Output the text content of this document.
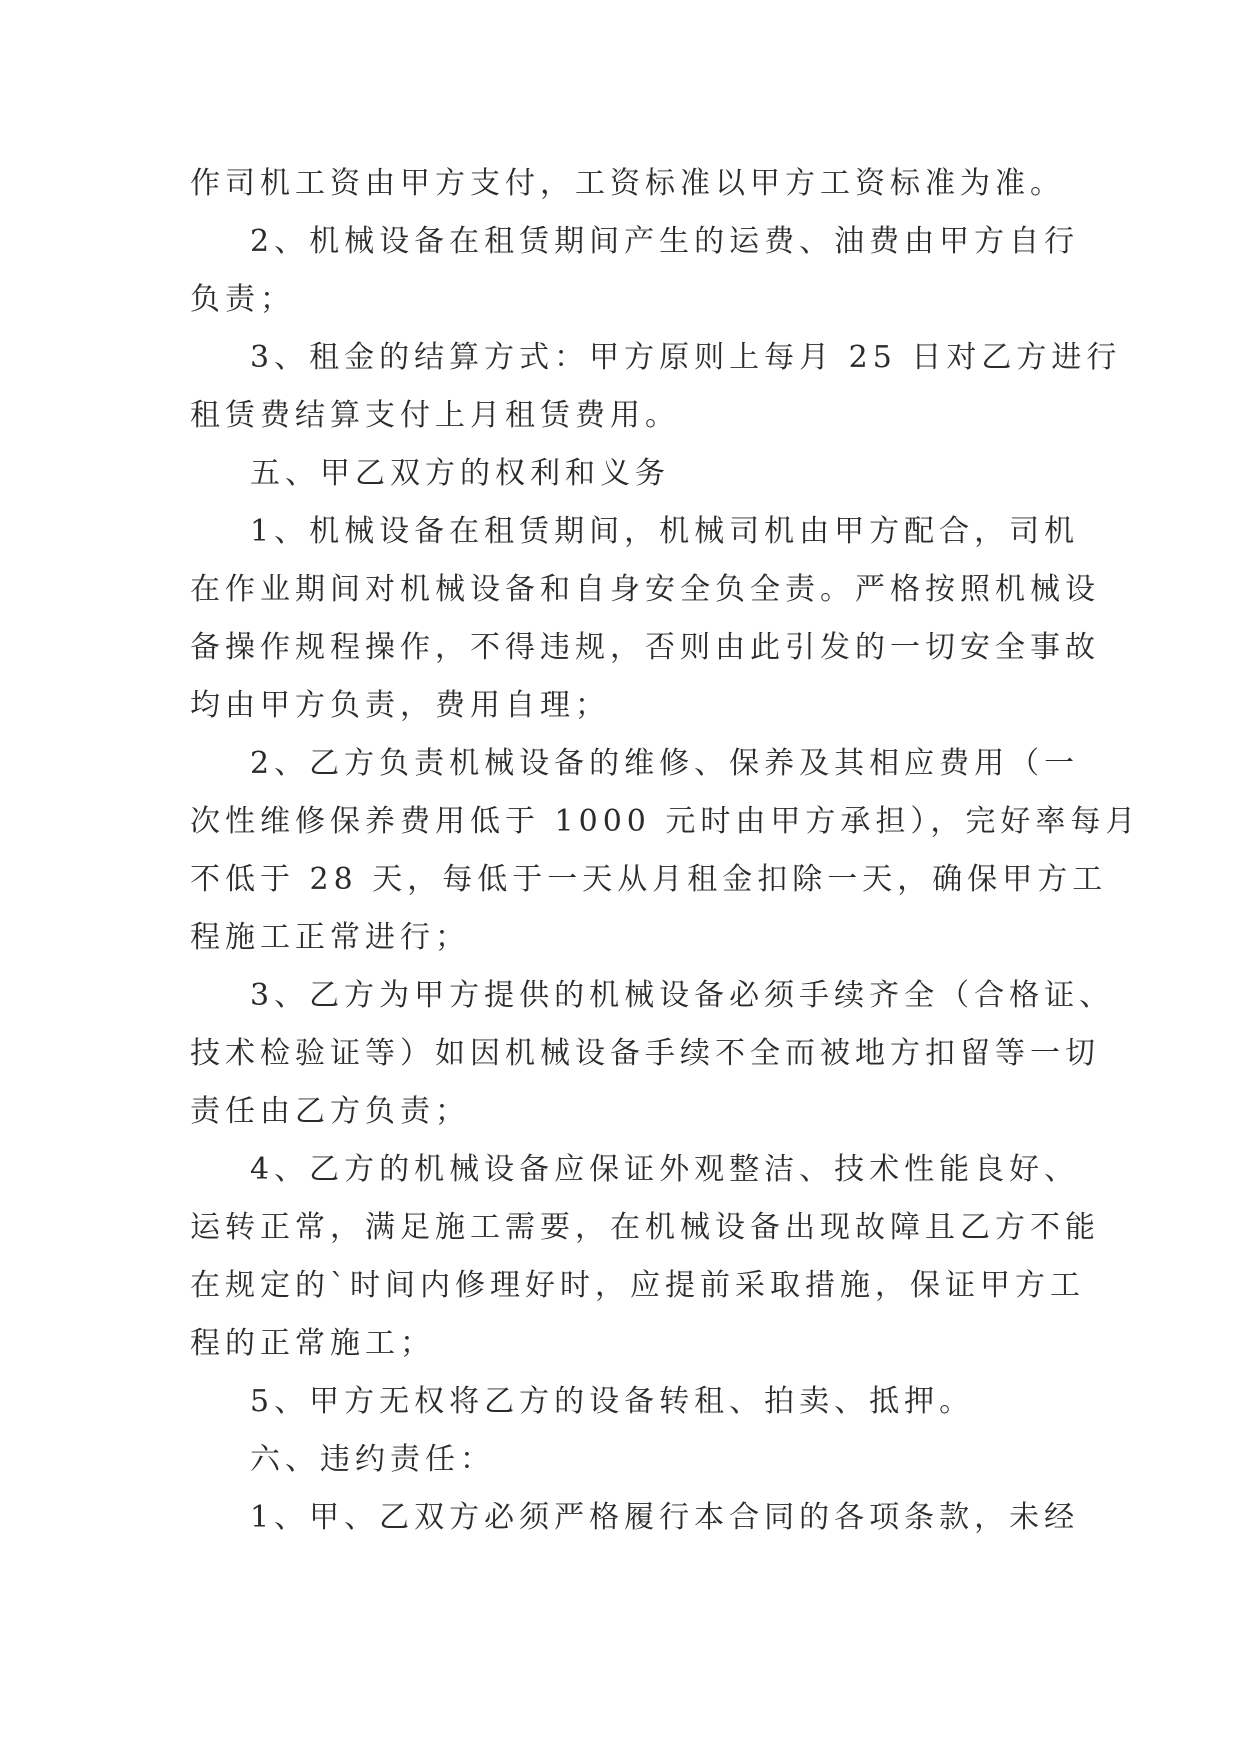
作司机工资由甲方支付，工资标准以甲方工资标准为准。
2、机械设备在租赁期间产生的运费、油费由甲方自行
负责；
3、租金的结算方式：甲方原则上每月 25 日对乙方进行
租赁费结算支付上月租赁费用。
五、甲乙双方的权利和义务
1、机械设备在租赁期间，机械司机由甲方配合，司机
在作业期间对机械设备和自身安全负全责。严格按照机械设
备操作规程操作，不得违规，否则由此引发的一切安全事故
均由甲方负责，费用自理；
2、乙方负责机械设备的维修、保养及其相应费用（一
次性维修保养费用低于 1000 元时由甲方承担），完好率每月
不低于 28 天，每低于一天从月租金扣除一天，确保甲方工
程施工正常进行；
3、乙方为甲方提供的机械设备必须手续齐全（合格证、
技术检验证等）如因机械设备手续不全而被地方扣留等一切
责任由乙方负责；
4、乙方的机械设备应保证外观整洁、技术性能良好、
运转正常，满足施工需要，在机械设备出现故障且乙方不能
在规定的`时间内修理好时，应提前采取措施，保证甲方工
程的正常施工；
5、甲方无权将乙方的设备转租、拍卖、抵押。
六、违约责任：
1、甲、乙双方必须严格履行本合同的各项条款，未经
